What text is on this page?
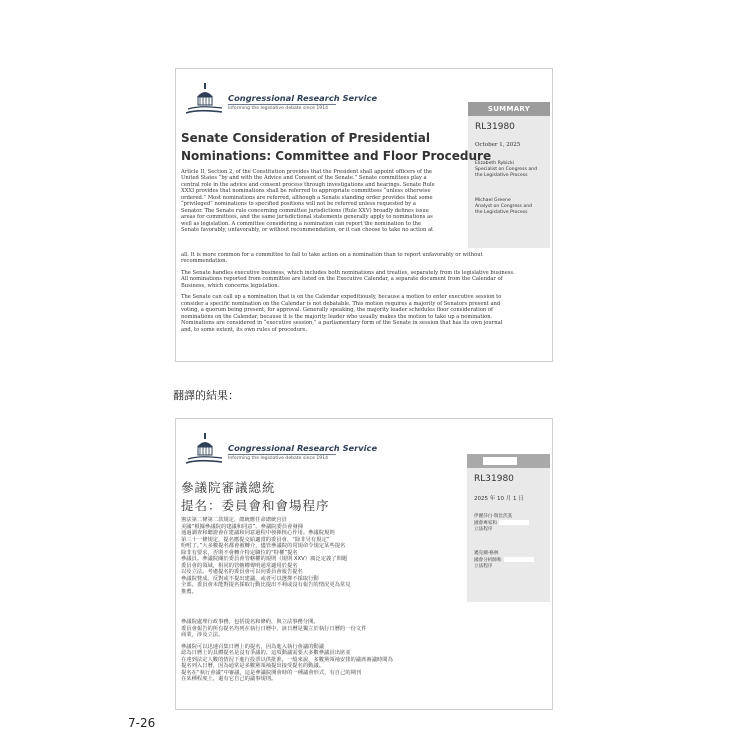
Congressional Research Service
Informing the legislative debate since 1914	SUMMARY
RL31980
October 1, 2025
Elizabeth Rybicki
Specialist on Congress and
the Legislative Process
Michael Greene
Analyst on Congress and
the Legislative Process
Senate Consideration of Presidential
Nominations: Committee and Floor Procedure

Article II, Section 2, of the Constitution provides that the President shall appoint officers of the
United States “by and with the Advice and Consent of the Senate.” Senate committees play a
central role in the advice and consent process through investigations and hearings. Senate Rule
XXXI provides that nominations shall be referred to appropriate committees “unless otherwise
ordered.” Most nominations are referred, although a Senate standing order provides that some
“privileged” nominations to specified positions will not be referred unless requested by a
Senator. The Senate rule concerning committee jurisdictions (Rule XXV) broadly defines issue
areas for committees, and the same jurisdictional statements generally apply to nominations as
well as legislation. A committee considering a nomination can report the nomination to the
Senate favorably, unfavorably, or without recommendation, or it can choose to take no action at

all. It is more common for a committee to fail to take action on a nomination than to report unfavorably or without
recommendation.

The Senate handles executive business, which includes both nominations and treaties, separately from its legislative business.
All nominations reported from committee are listed on the Executive Calendar, a separate document from the Calendar of
Business, which concerns legislation.

The Senate can call up a nomination that is on the Calendar expeditiously, because a motion to enter executive session to
consider a specific nomination on the Calendar is not debatable. This motion requires a majority of Senators present and
voting, a quorum being present, for approval. Generally speaking, the majority leader schedules floor consideration of
nominations on the Calendar, because it is the majority leader who usually makes the motion to take up a nomination.
Nominations are considered in “executive session,” a parliamentary form of the Senate in session that has its own journal
and, to some extent, its own rules of procedure.

翻譯的結果：
Congressional Research Service
Informing the legislative debate since 1914
RL31980
2025 年 10 月 1 日
伊麗莎白·瑞比茨基
國會專家和
立法程序
邁克爾·格林
國會分析師和
立法程序
參議院審議總統
提名：委員會和會場程序

憲法第二條第二款規定，總統應任命總統官員
美國“根據參議院的建議和同意”。參議院委員會發揮
通過調查和聽證會在建議和同意過程中發揮核心作用。參議院規則
第三十一條規定，提名應提交給適當的委員會，“除非另有規定”
吩咐了。”大多數提名都會被轉介，儘管參議院的常規命令規定某些提名
除非有要求，否則不會轉介特定職位的“特權”提名
參議員。參議院關於委員會管轄權的規則（規則 XXV）廣泛定義了問題
委員會的領域，相同的管轄權聲明通常適用於提名
以及立法。考慮提名的委員會可以向委員會報告提名
參議院贊成、反對或不提出建議，或者可以選擇不採取行動
全部。委員會未能對提名採取行動比提出不利或沒有報告的情況更為常見
推薦。

參議院處理行政事務，包括提名和條約，與立法事務分開。
委員會報告的所有提名均列在執行日曆中，該日曆是獨立於執行日曆的一份文件
商業，涉及立法。

參議院可以迅速召集日曆上的提名，因為進入執行會議的動議
認為日曆上的具體提名是沒有爭議的。這項動議需要大多數參議員出席並
在達到法定人數的情況下進行投票以供批准。一般來說，多數黨領袖安排的議席審議時間為
提名列入日曆，因為通常是多數黨領袖提出接受提名的動議。
提名在“執行會議”中審議，這是參議院開會時的一種議會形式，有自己的期刊
在某種程度上，還有它自己的議事規則。

7-26
